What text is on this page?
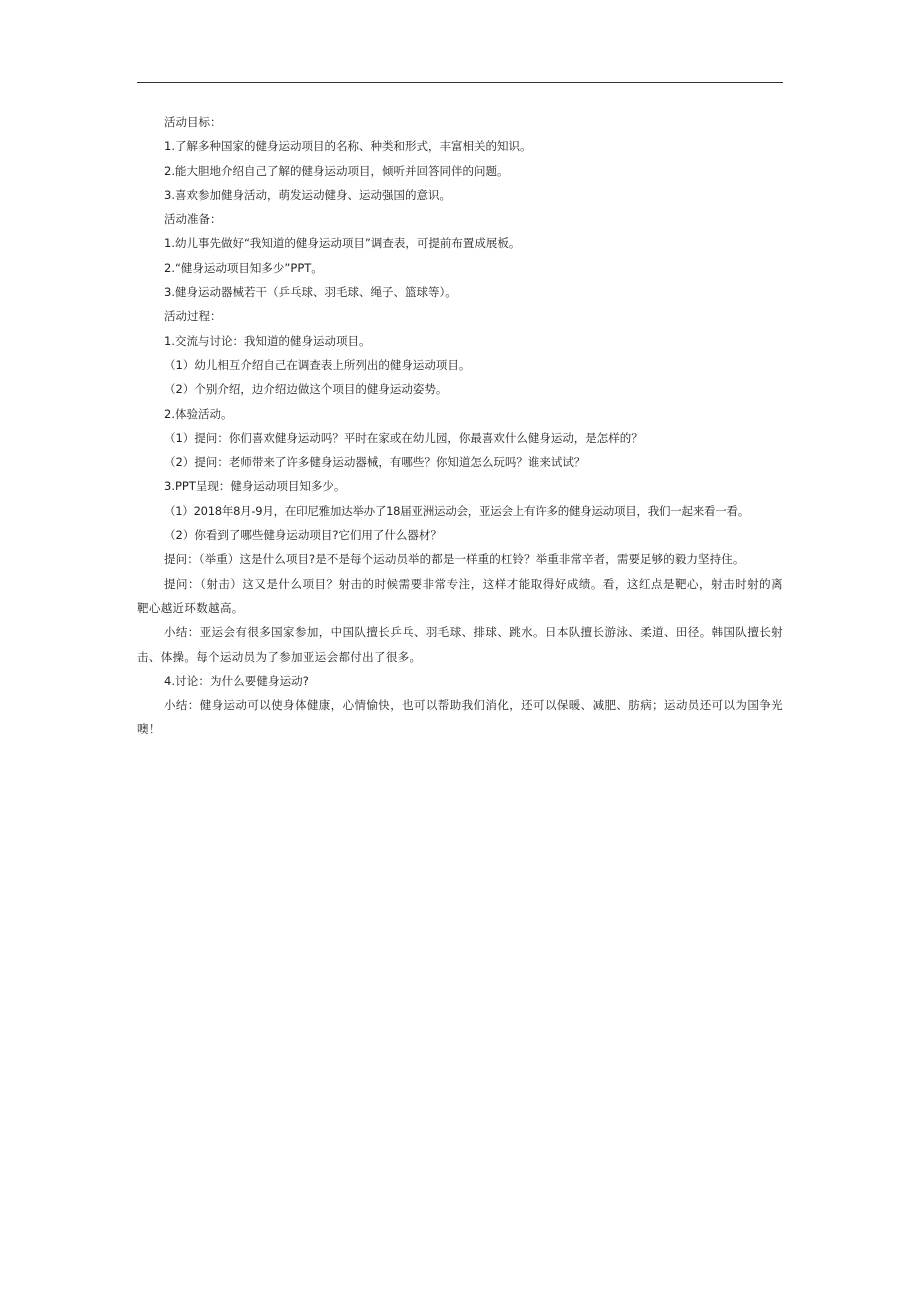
活动目标：
1.了解多种国家的健身运动项目的名称、种类和形式，丰富相关的知识。
2.能大胆地介绍自己了解的健身运动项目，倾听并回答同伴的问题。
3.喜欢参加健身活动，萌发运动健身、运动强国的意识。
活动准备：
1.幼儿事先做好“我知道的健身运动项目”调查表，可提前布置成展板。
2.“健身运动项目知多少”PPT。
3.健身运动器械若干（乒乓球、羽毛球、绳子、篮球等）。
活动过程：
1.交流与讨论：我知道的健身运动项目。
（1）幼儿相互介绍自己在调查表上所列出的健身运动项目。
（2）个别介绍，边介绍边做这个项目的健身运动姿势。
2.体验活动。
（1）提问：你们喜欢健身运动吗？平时在家或在幼儿园，你最喜欢什么健身运动，是怎样的？
（2）提问：老师带来了许多健身运动器械，有哪些？你知道怎么玩吗？谁来试试？
3.PPT呈现：健身运动项目知多少。
（1）2018年8月-9月，在印尼雅加达举办了18届亚洲运动会，亚运会上有许多的健身运动项目，我们一起来看一看。
（2）你看到了哪些健身运动项目?它们用了什么器材？
提问：（举重）这是什么项目?是不是每个运动员举的都是一样重的杠铃？举重非常辛者，需要足够的毅力坚持住。

提问：（射击）这又是什么项目？射击的时候需要非常专注，这样才能取得好成绩。看，这红点是靶心，射击时射的离靶心越近环数越高。

小结：亚运会有很多国家参加，中国队擅长乒乓、羽毛球、排球、跳水。日本队擅长游泳、柔道、田径。韩国队擅长射击、体操。每个运动员为了参加亚运会都付出了很多。

4.讨论：为什么要健身运动?

小结：健身运动可以使身体健康，心情愉快，也可以帮助我们消化，还可以保暖、减肥、肪病；运动员还可以为国争光噢！
